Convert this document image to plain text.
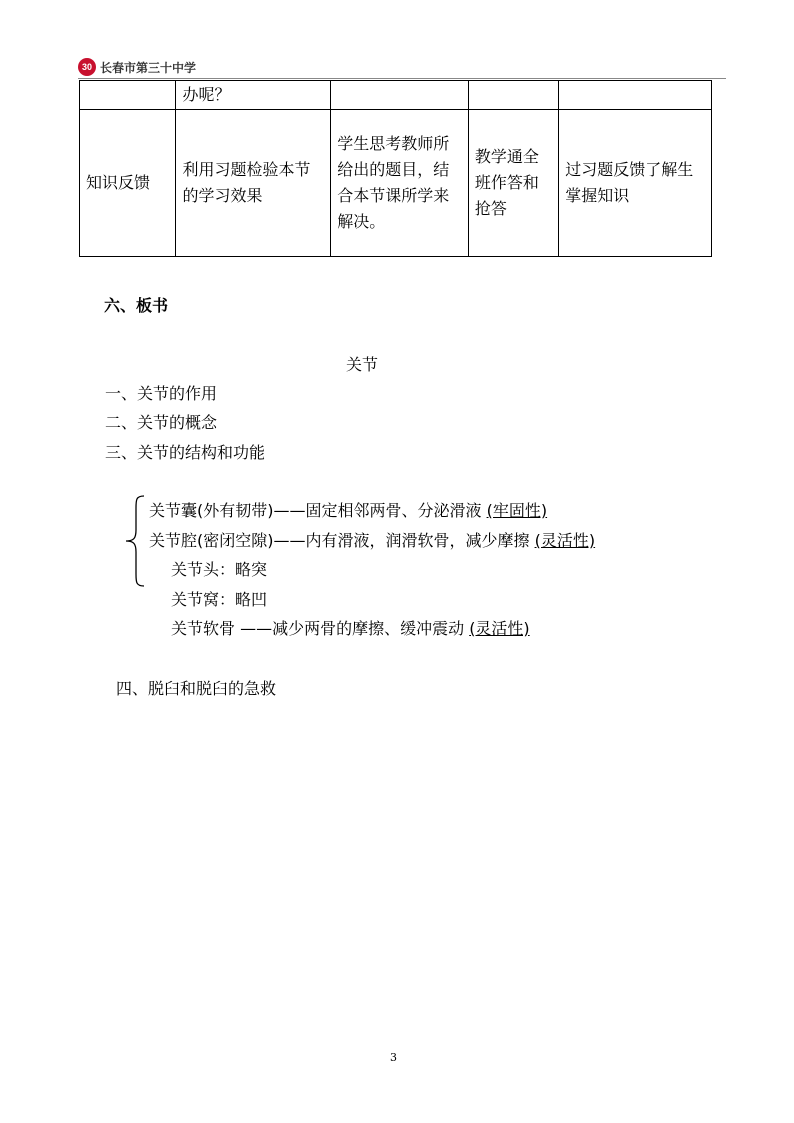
30 长春市第三十中学
	办呢？			
知识反馈	利用习题检验本节的学习效果	学生思考教师所给出的题目，结合本节课所学来解决。	教学通全班作答和抢答	过习题反馈了解生掌握知识
六、板书
关节
一、关节的作用
二、关节的概念
三、关节的结构和功能
关节囊(外有韧带)——固定相邻两骨、分泌滑液 (牢固性)
关节腔(密闭空隙)——内有滑液，润滑软骨，减少摩擦 (灵活性)
关节头：略突
关节窝：略凹
关节软骨 ——减少两骨的摩擦、缓冲震动 (灵活性)
四、脱臼和脱臼的急救
3
